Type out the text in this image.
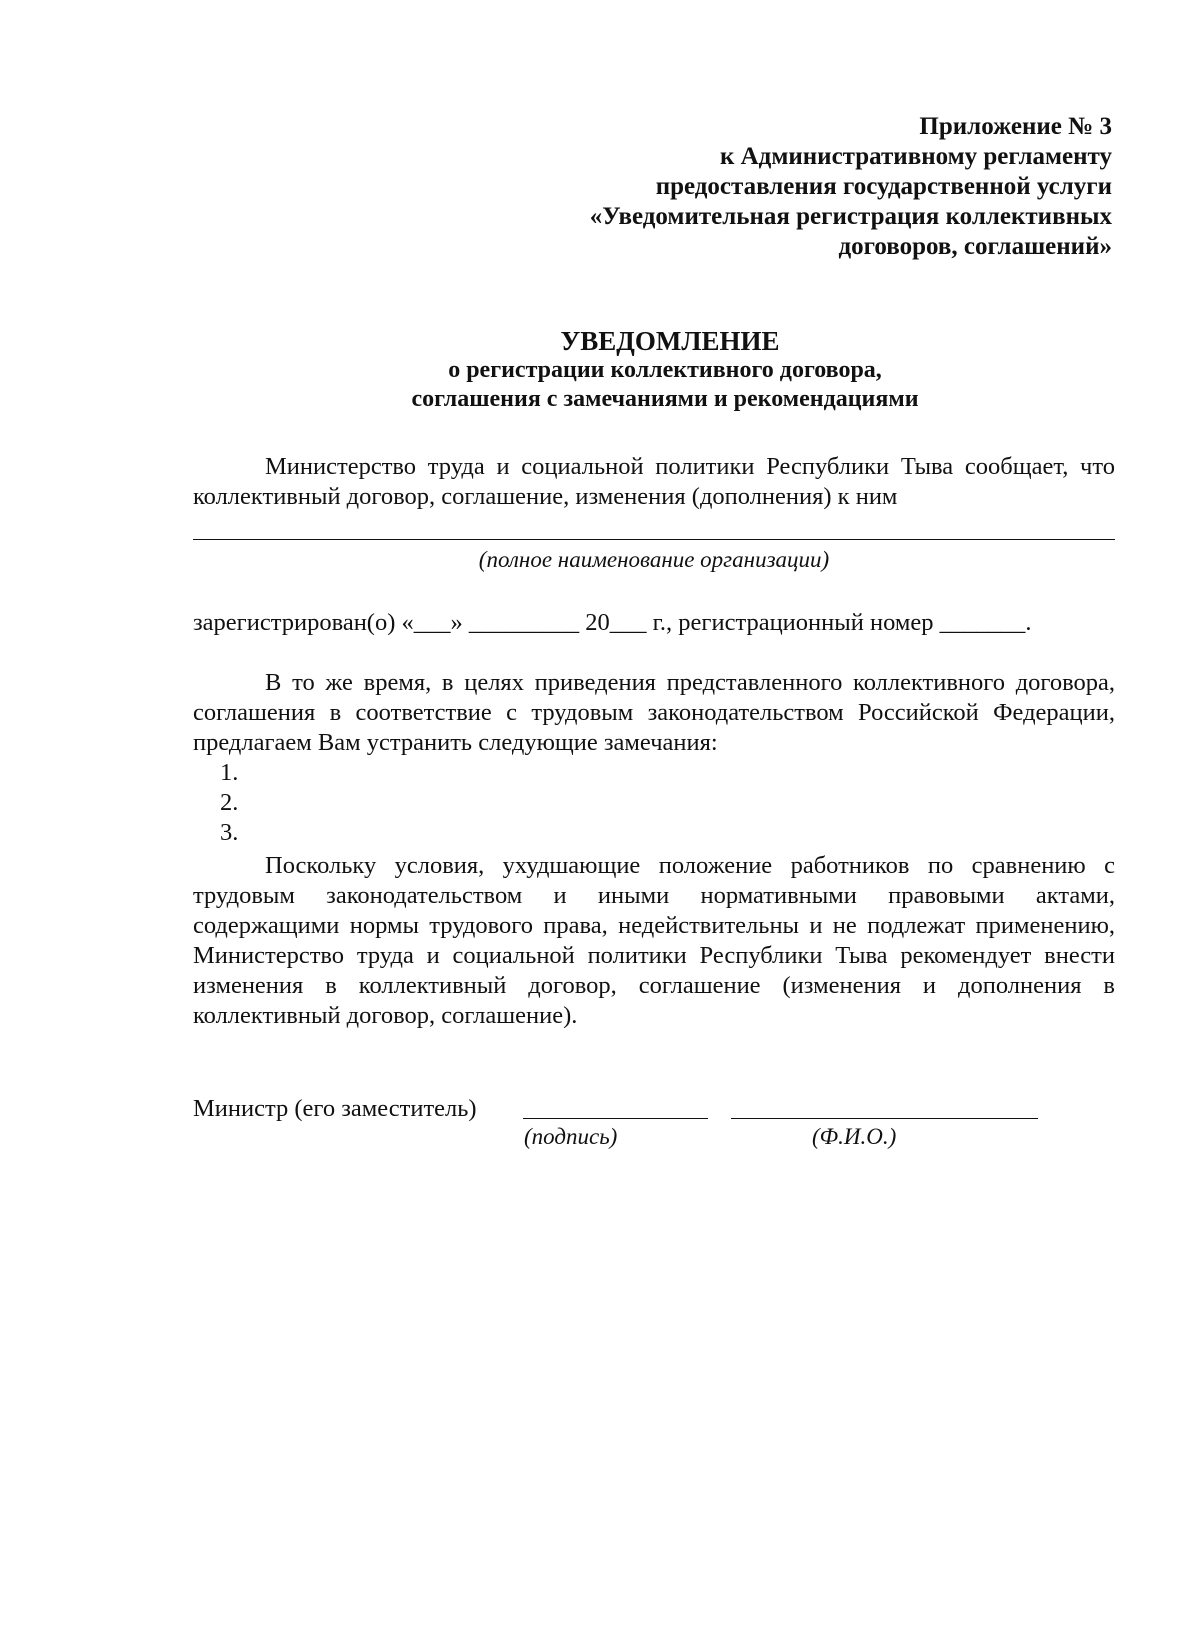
Приложение № 3
к Административному регламенту
предоставления государственной услуги
«Уведомительная регистрация коллективных
договоров, соглашений»
УВЕДОМЛЕНИЕ
о регистрации коллективного договора,
соглашения с замечаниями и рекомендациями
Министерство труда и социальной политики Республики Тыва сообщает, что коллективный договор, соглашение, изменения (дополнения) к ним
(полное наименование организации)
зарегистрирован(о) «___» _________ 20___ г., регистрационный номер _______.
В то же время, в целях приведения представленного коллективного договора, соглашения в соответствие с трудовым законодательством Российской Федерации, предлагаем Вам устранить следующие замечания:
1.
2.
3.
Поскольку условия, ухудшающие положение работников по сравнению с трудовым законодательством и иными нормативными правовыми актами, содержащими нормы трудового права, недействительны и не подлежат применению, Министерство труда и социальной политики Республики Тыва рекомендует внести изменения в коллективный договор, соглашение (изменения и дополнения в коллективный договор, соглашение).
Министр (его заместитель)
(подпись)	(Ф.И.О.)
